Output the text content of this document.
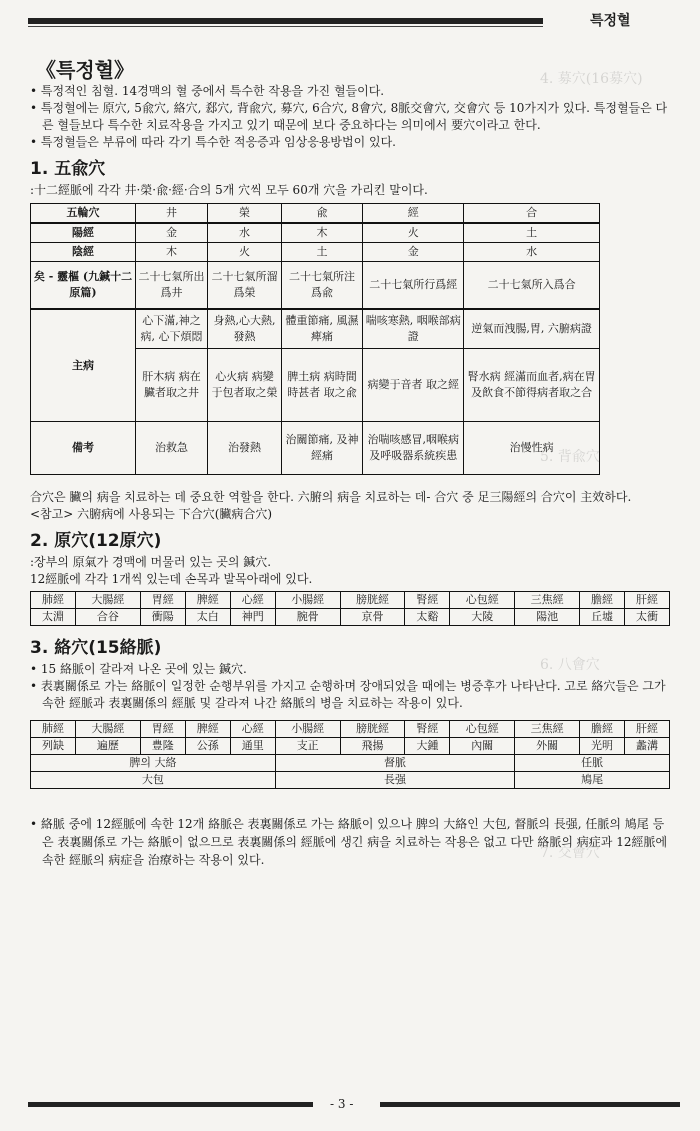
4. 募穴(16募穴)
5. 背兪穴
6. 八會穴
7. 交會穴
특정혈
《특정혈》

• 특정적인 침혈. 14경맥의 혈 중에서 특수한 작용을 가진 혈들이다.

• 특정혈에는 原穴, 5兪穴, 絡穴, 郄穴, 背兪穴, 募穴, 6合穴, 8會穴, 8脈交會穴, 交會穴 등 10가지가 있다. 특정혈들은 다른 혈들보다 특수한 치료작용을 가지고 있기 때문에 보다 중요하다는 의미에서 要穴이라고 한다.

• 특정혈들은 부류에 따라 각기 특수한 적응증과 임상응용방법이 있다.

1. 五兪穴

:十二經脈에 각각 井·榮·兪·經·合의 5개 穴씩 모두 60개 穴을 가리킨 말이다.

五輪穴	井	榮	兪	經	合
陽經	金	水	木	火	土
陰經	木	火	土	金	水
矣 - 靈樞 (九鍼十二原篇)	二十七氣所出爲井	二十七氣所溜爲榮	二十七氣所注爲兪	二十七氣所行爲經	二十七氣所入爲合
主病	心下滿,神之病, 心下煩悶	身熱,心大熱, 發熱	體重節痛, 風濕痺痛	喘咳寒熱, 咽喉部病證	逆氣而洩腸,胃, 六腑病證
	肝木病 病在臟者取之井	心火病 病變于包者取之榮	脾土病 病時間時甚者 取之兪	病變于音者 取之經	腎水病 經滿而血者,病在胃及飮食不節得病者取之合
備考	治救急	治發熱	治關節痛, 及神經痛	治喘咳感冒,咽喉病及呼吸器系統疾患	治慢性病

合穴은 臟의 病을 치료하는 데 중요한 역할을 한다. 六腑의 病을 치료하는 데- 合穴 중 足三陽經의 合穴이 主效하다.

<참고> 六腑病에 사용되는 下合穴(臟病合穴)

2. 原穴(12原穴)

:장부의 原氣가 경맥에 머물러 있는 곳의 鍼穴.

12經脈에 각각 1개씩 있는데 손목과 발목아래에 있다.

肺經	大腸經	胃經	脾經	心經	小腸經	膀胱經	腎經	心包經	三焦經	膽經	肝經
太淵	合谷	衝陽	太白	神門	腕骨	京骨	太谿	大陵	陽池	丘墟	太衝
3. 絡穴(15絡脈)

• 15 絡脈이 갈라져 나온 곳에 있는 鍼穴.

• 表裏關係로 가는 絡脈이 일정한 순행부위를 가지고 순행하며 장애되었을 때에는 병증후가 나타난다. 고로 絡穴들은 그가 속한 經脈과 表裏關係의 經脈 및 갈라져 나간 絡脈의 병을 치료하는 작용이 있다.

肺經	大腸經	胃經	脾經	心經	小腸經	膀胱經	腎經	心包經	三焦經	膽經	肝經
列缺	遍歷	豊隆	公孫	通里	支正	飛揚	大鍾	內關	外關	光明	蠡溝
脾의 大絡					督脈				任脈		
大包					長强				鳩尾		

• 絡脈 중에 12經脈에 속한 12개 絡脈은 表裏關係로 가는 絡脈이 있으나 脾의 大絡인 大包, 督脈의 長强, 任脈의 鳩尾 등은 表裏關係로 가는 絡脈이 없으므로 表裏關係의 經脈에 생긴 病을 치료하는 작용은 없고 다만 絡脈의 病症과 12經脈에 속한 經脈의 病症을 治療하는 작용이 있다.

- 3 -
